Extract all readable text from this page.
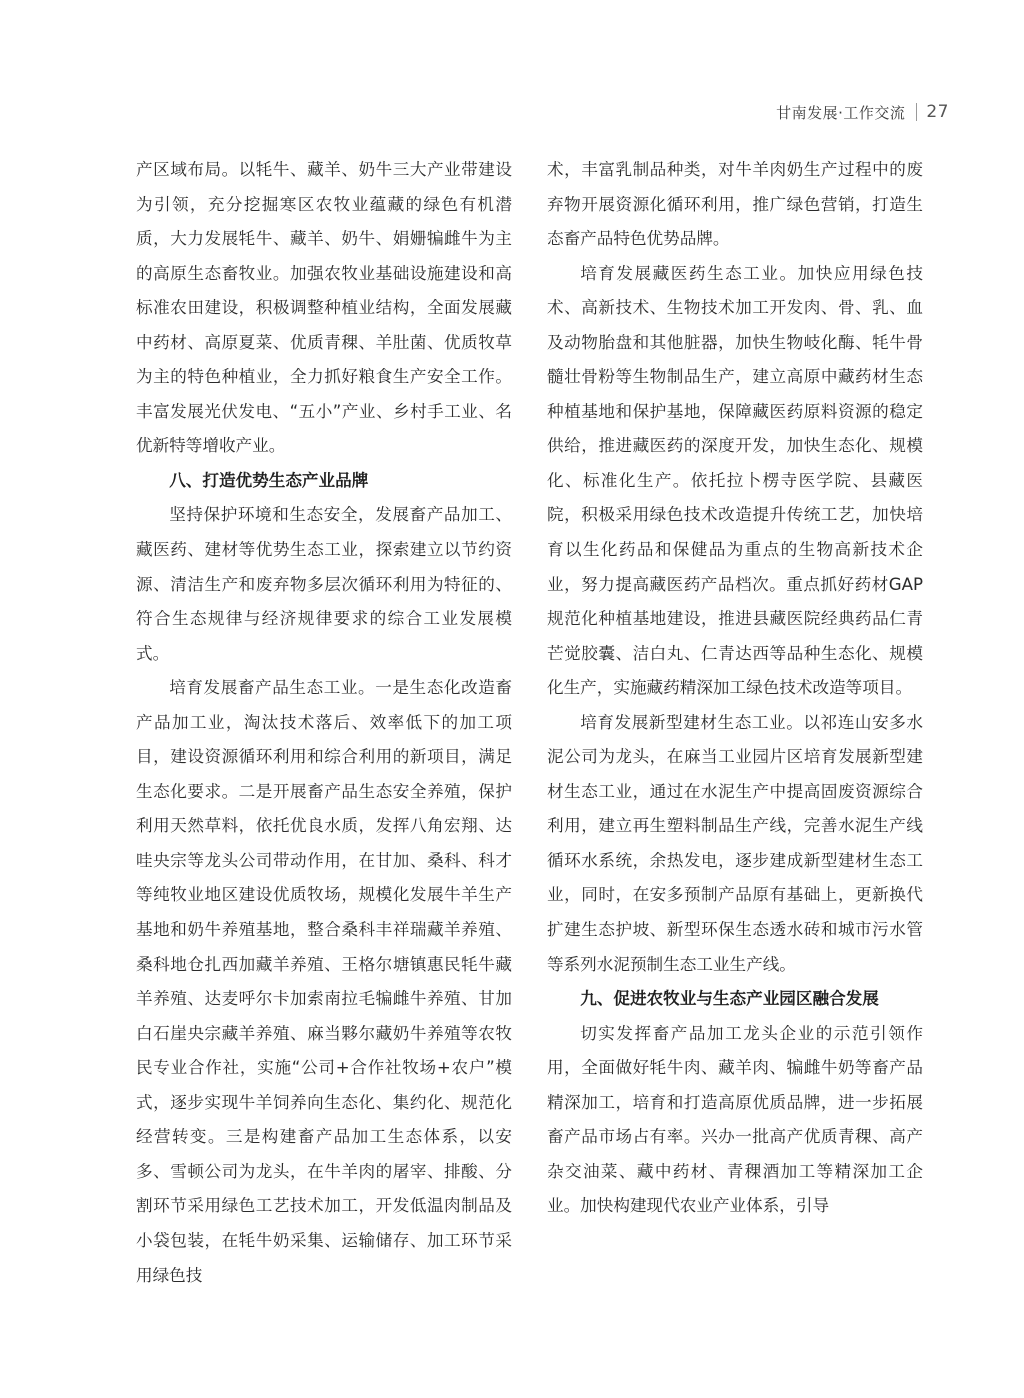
甘南发展·工作交流 27

产区域布局。以牦牛、藏羊、奶牛三大产业带建设为引领，充分挖掘寒区农牧业蕴藏的绿色有机潜质，大力发展牦牛、藏羊、奶牛、娟姗犏雌牛为主的高原生态畜牧业。加强农牧业基础设施建设和高标准农田建设，积极调整种植业结构，全面发展藏中药材、高原夏菜、优质青稞、羊肚菌、优质牧草为主的特色种植业，全力抓好粮食生产安全工作。丰富发展光伏发电、“五小”产业、乡村手工业、名优新特等增收产业。

八、打造优势生态产业品牌

坚持保护环境和生态安全，发展畜产品加工、藏医药、建材等优势生态工业，探索建立以节约资源、清洁生产和废弃物多层次循环利用为特征的、符合生态规律与经济规律要求的综合工业发展模式。

培育发展畜产品生态工业。一是生态化改造畜产品加工业，淘汰技术落后、效率低下的加工项目，建设资源循环利用和综合利用的新项目，满足生态化要求。二是开展畜产品生态安全养殖，保护利用天然草料，依托优良水质，发挥八角宏翔、达哇央宗等龙头公司带动作用，在甘加、桑科、科才等纯牧业地区建设优质牧场，规模化发展牛羊生产基地和奶牛养殖基地，整合桑科丰祥瑞藏羊养殖、桑科地仓扎西加藏羊养殖、王格尔塘镇惠民牦牛藏羊养殖、达麦呼尔卡加索南拉毛犏雌牛养殖、甘加白石崖央宗藏羊养殖、麻当夥尔藏奶牛养殖等农牧民专业合作社，实施“公司+合作社牧场+农户”模式，逐步实现牛羊饲养向生态化、集约化、规范化经营转变。三是构建畜产品加工生态体系，以安多、雪顿公司为龙头，在牛羊肉的屠宰、排酸、分割环节采用绿色工艺技术加工，开发低温肉制品及小袋包装，在牦牛奶采集、运输储存、加工环节采用绿色技

术，丰富乳制品种类，对牛羊肉奶生产过程中的废弃物开展资源化循环利用，推广绿色营销，打造生态畜产品特色优势品牌。

培育发展藏医药生态工业。加快应用绿色技术、高新技术、生物技术加工开发肉、骨、乳、血及动物胎盘和其他脏器，加快生物岐化酶、牦牛骨髓壮骨粉等生物制品生产，建立高原中藏药材生态种植基地和保护基地，保障藏医药原料资源的稳定供给，推进藏医药的深度开发，加快生态化、规模化、标准化生产。依托拉卜楞寺医学院、县藏医院，积极采用绿色技术改造提升传统工艺，加快培育以生化药品和保健品为重点的生物高新技术企业，努力提高藏医药产品档次。重点抓好药材GAP规范化种植基地建设，推进县藏医院经典药品仁青芒觉胶囊、洁白丸、仁青达西等品种生态化、规模化生产，实施藏药精深加工绿色技术改造等项目。

培育发展新型建材生态工业。以祁连山安多水泥公司为龙头，在麻当工业园片区培育发展新型建材生态工业，通过在水泥生产中提高固废资源综合利用，建立再生塑料制品生产线，完善水泥生产线循环水系统，余热发电，逐步建成新型建材生态工业，同时，在安多预制产品原有基础上，更新换代扩建生态护坡、新型环保生态透水砖和城市污水管等系列水泥预制生态工业生产线。

九、促进农牧业与生态产业园区融合发展

切实发挥畜产品加工龙头企业的示范引领作用，全面做好牦牛肉、藏羊肉、犏雌牛奶等畜产品精深加工，培育和打造高原优质品牌，进一步拓展畜产品市场占有率。兴办一批高产优质青稞、高产杂交油菜、藏中药材、青稞酒加工等精深加工企业。加快构建现代农业产业体系，引导
